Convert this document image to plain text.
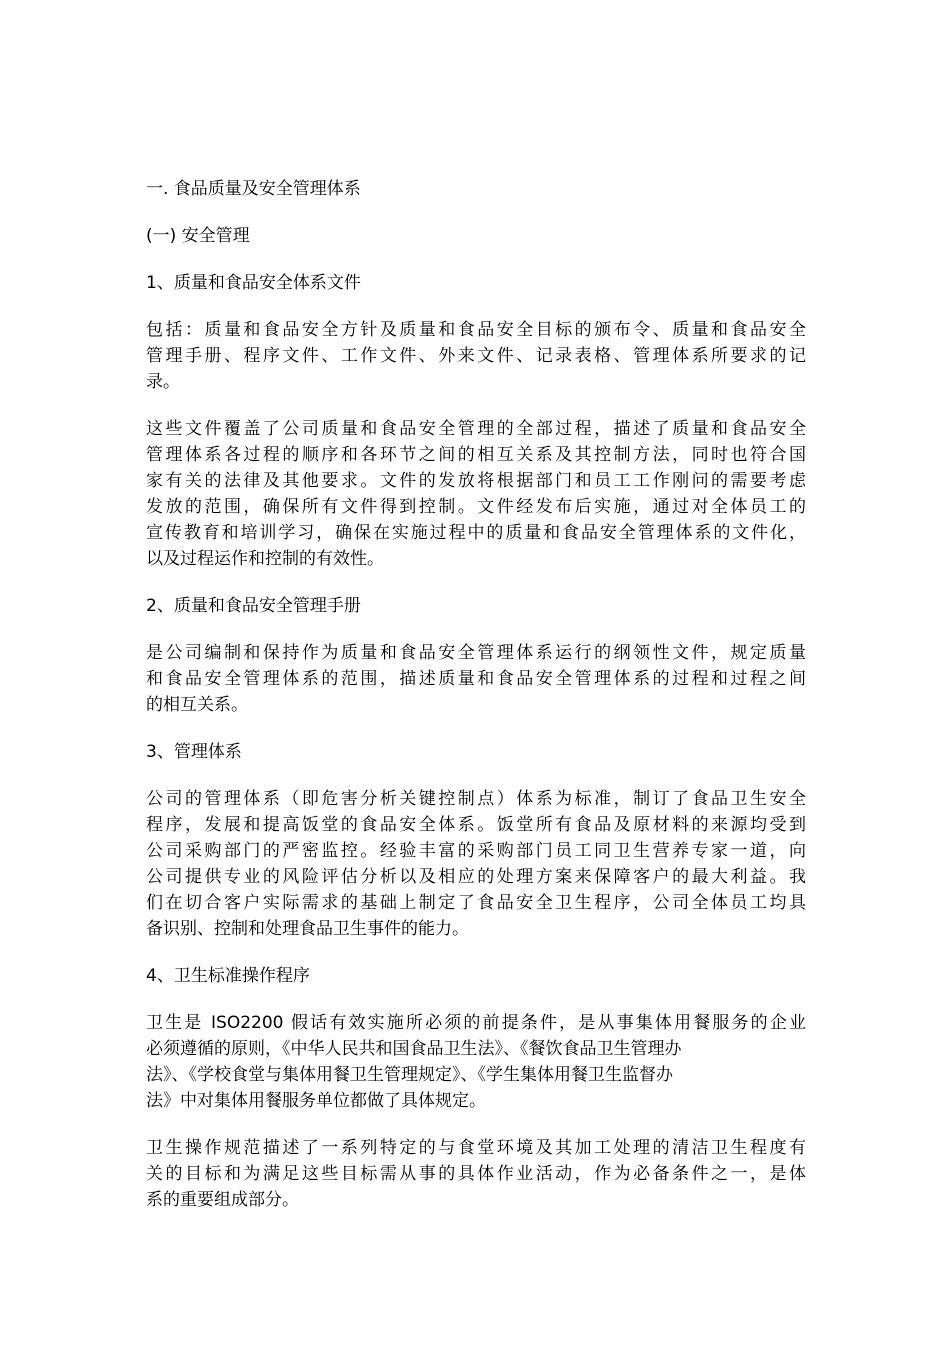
一. 食品质量及安全管理体系
(一) 安全管理
1、质量和食品安全体系文件
包括：质量和食品安全方针及质量和食品安全目标的颁布令、质量和食品安全
管理手册、程序文件、工作文件、外来文件、记录表格、管理体系所要求的记
录。
这些文件覆盖了公司质量和食品安全管理的全部过程，描述了质量和食品安全
管理体系各过程的顺序和各环节之间的相互关系及其控制方法，同时也符合国
家有关的法律及其他要求。文件的发放将根据部门和员工工作刚问的需要考虑
发放的范围，确保所有文件得到控制。文件经发布后实施，通过对全体员工的
宣传教育和培训学习，确保在实施过程中的质量和食品安全管理体系的文件化，
以及过程运作和控制的有效性。
2、质量和食品安全管理手册
是公司编制和保持作为质量和食品安全管理体系运行的纲领性文件，规定质量
和食品安全管理体系的范围，描述质量和食品安全管理体系的过程和过程之间
的相互关系。
3、管理体系
公司的管理体系（即危害分析关键控制点）体系为标准，制订了食品卫生安全
程序，发展和提高饭堂的食品安全体系。饭堂所有食品及原材料的来源均受到
公司采购部门的严密监控。经验丰富的采购部门员工同卫生营养专家一道，向
公司提供专业的风险评估分析以及相应的处理方案来保障客户的最大利益。我
们在切合客户实际需求的基础上制定了食品安全卫生程序，公司全体员工均具
备识别、控制和处理食品卫生事件的能力。
4、卫生标准操作程序
卫生是 ISO2200 假话有效实施所必须的前提条件，是从事集体用餐服务的企业
必须遵循的原则，《中华人民共和国食品卫生法》、《餐饮食品卫生管理办
法》、《学校食堂与集体用餐卫生管理规定》、《学生集体用餐卫生监督办
法》中对集体用餐服务单位都做了具体规定。
卫生操作规范描述了一系列特定的与食堂环境及其加工处理的清洁卫生程度有
关的目标和为满足这些目标需从事的具体作业活动，作为必备条件之一，是体
系的重要组成部分。
